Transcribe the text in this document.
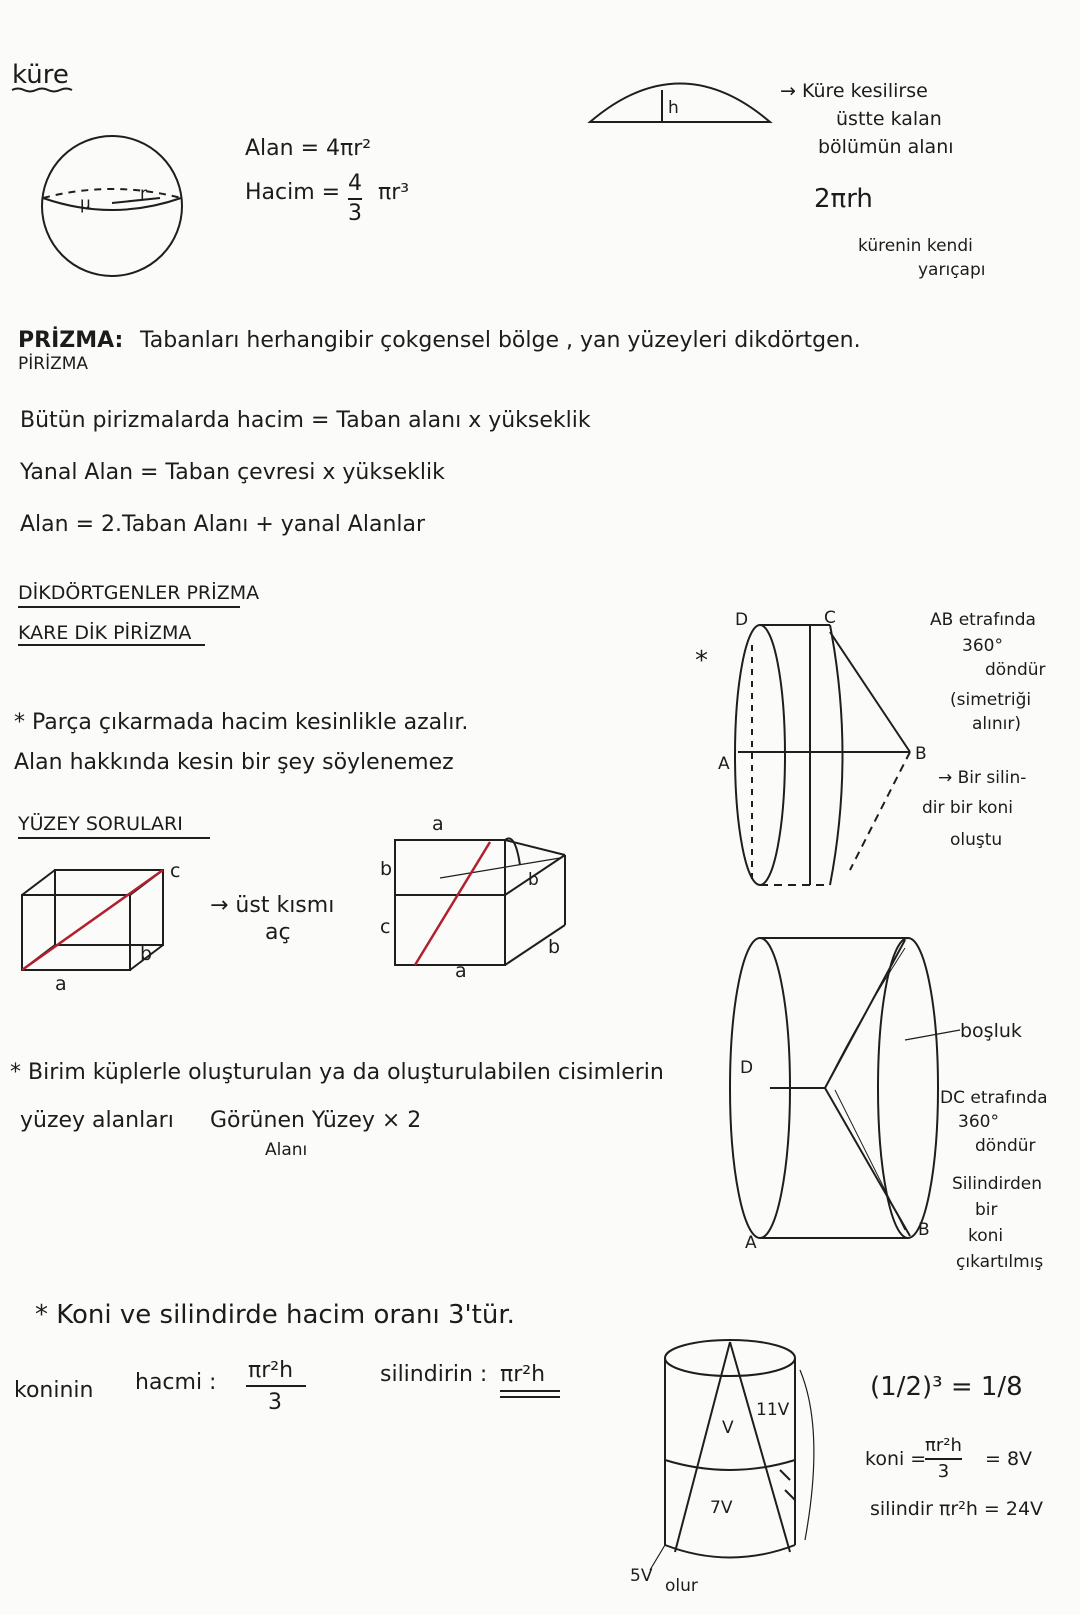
küre
r
μ
Alan = 4πr²
Hacim = 4
3
πr³
h
→ Küre kesilirse
üstte kalan
bölümün alanı
2πrh
kürenin kendi
yarıçapı
PRİZMA:
PİRİZMA
Tabanları herhangibir çokgensel bölge , yan yüzeyleri dikdörtgen.
Bütün pirizmalarda hacim = Taban alanı x yükseklik
Yanal Alan = Taban çevresi x yükseklik
Alan = 2.Taban Alanı + yanal Alanlar
DİKDÖRTGENLER PRİZMA
KARE DİK PİRİZMA
* Parça çıkarmada hacim kesinlikle azalır.
Alan hakkında kesin bir şey söylenemez
YÜZEY SORULARI
a
b
c
→ üst kısmı
aç
a
b
c
a
b
b
* Birim küplerle oluşturulan ya da oluşturulabilen cisimlerin
yüzey alanları Görünen Yüzey × 2
Alanı
* Koni ve silindirde hacim oranı 3'tür.
koninin hacmi : πr²h
3
silindirin : πr²h
*
D	C
A	B
AB etrafında
360°
döndür
(simetriği
alınır)
→ Bir silin-
dir bir koni
oluştu
D
A
B
boşluk
DC etrafında
360°
döndür
Silindirden
bir
koni
çıkartılmış
V
7V
11V
5V olur
(1/2)³ = 1/8
koni =
πr²h
3
= 8V
silindir πr²h = 24V
